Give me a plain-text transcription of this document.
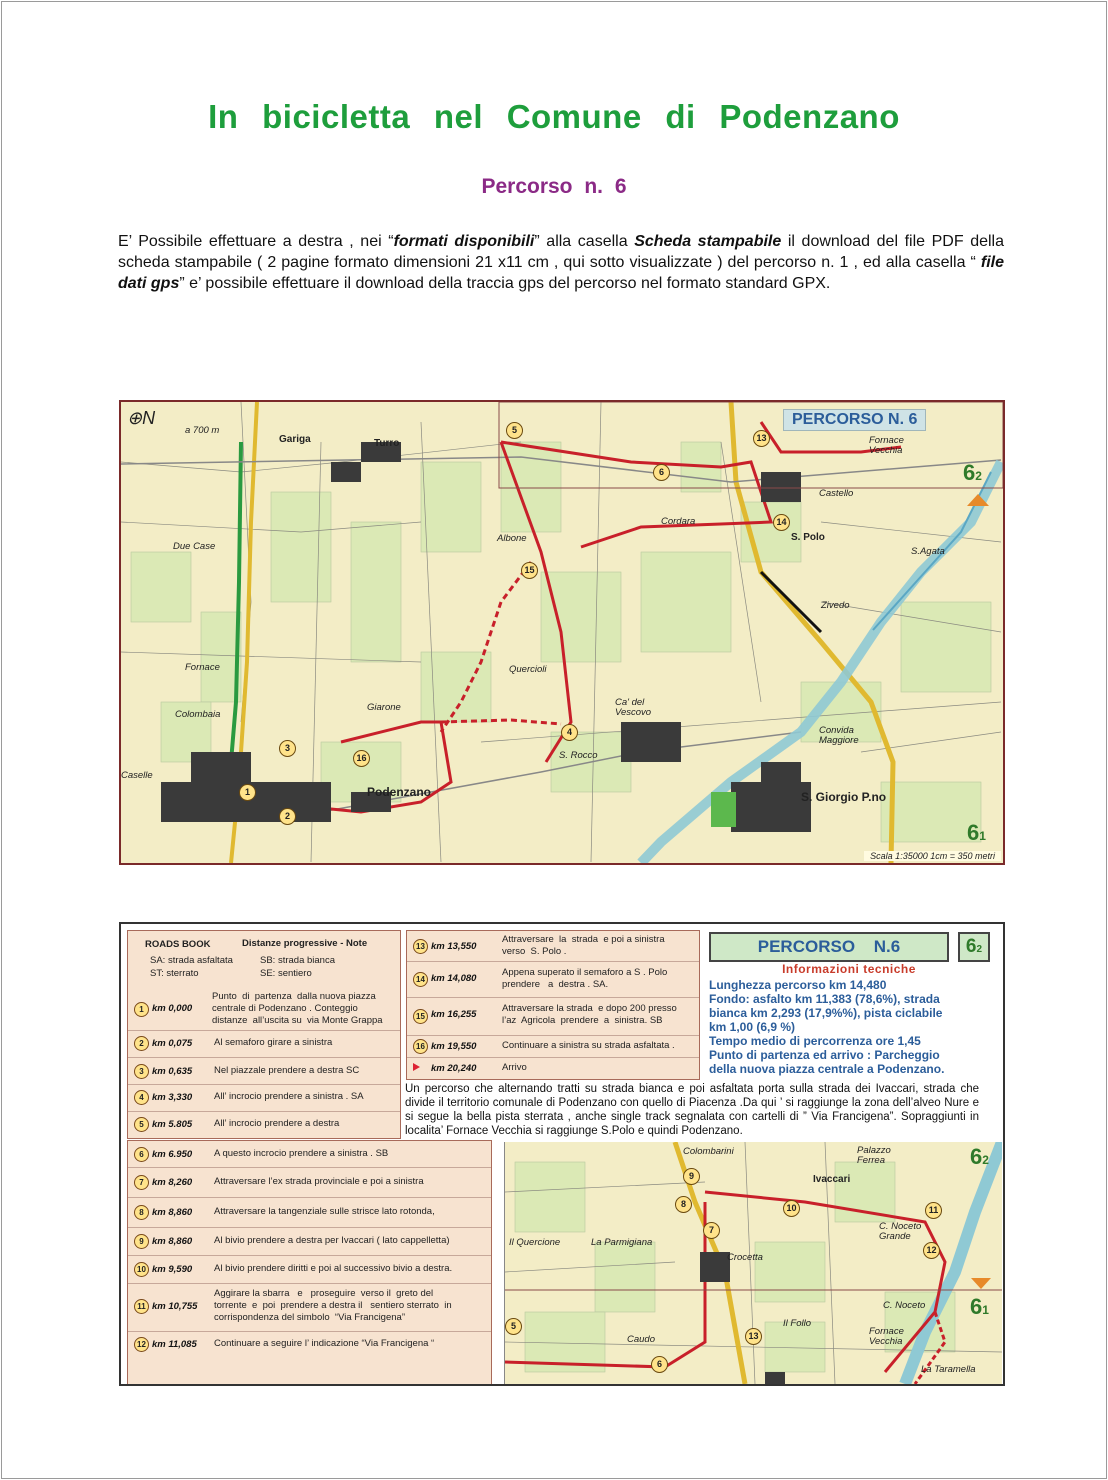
In bicicletta nel Comune di Podenzano
Percorso n. 6
E’ Possibile effettuare a destra , nei “formati disponibili” alla casella Scheda stampabile il download del file PDF della scheda stampabile ( 2 pagine formato dimensioni 21 x11 cm , qui sotto visualizzate ) del percorso n. 1 , ed alla casella “ file dati gps” e’ possibile effettuare il download della traccia gps del percorso nel formato standard GPX.
PERCORSO N. 6
62
61
⊕N
Scala 1:35000 1cm = 350 metri
a 700 m
Gariga	Turro
Due Case
Fornace
Colombaia
Caselle
Albone
Cordara
S. Polo
Castello
S.Agata
Fornace
Vecchia
Zivedo
Quercioli
Ca' del
Vescovo
Giarone
S. Rocco
Podenzano
Convida
Maggiore
S. Giorgio P.no
1
2
3
4
5
6
13
14
15
16
ROADS BOOK	Distanze progressive - Note
SA: strada asfaltata	SB: strada bianca
ST: sterrato	SE: sentiero
1 km 0,000
Punto  di  partenza  dalla nuova piazza
centrale di Podenzano . Conteggio
distanze  all’uscita su  via Monte Grappa
2 km 0,075 Al semaforo girare a sinistra
3 km 0,635 Nel piazzale prendere a destra SC
4 km 3,330 All’ incrocio prendere a sinistra . SA
5 km 5.805 All’ incrocio prendere a destra
13 km 13,550
Attraversare  la  strada  e poi a sinistra
verso  S. Polo .
14 km 14,080
Appena superato il semaforo a S . Polo
prendere   a  destra . SA.
15 km 16,255
Attraversare la strada  e dopo 200 presso
l’az  Agricola  prendere  a  sinistra. SB
16 km 19,550	Continuare a sinistra su strada asfaltata .
km 20,240	Arrivo
PERCORSO N.6	62
Informazioni tecniche
Lunghezza percorso km 14,480
Fondo: asfalto km 11,383 (78,6%), strada
bianca km 2,293 (17,9%%), pista ciclabile
km 1,00 (6,9 %)
Tempo medio di percorrenza ore 1,45
Punto di partenza ed arrivo : Parcheggio
della nuova piazza centrale a Podenzano.
Un percorso che alternando tratti su strada bianca e poi asfaltata porta sulla strada dei Ivaccari, strada che divide il territorio comunale di Podenzano con quello di Piacenza .Da qui ’ si raggiunge la zona dell’alveo Nure e si segue la bella pista sterrata , anche single track segnalata con cartelli di ” Via Francigena”. Sopraggiunti in localita’ Fornace Vecchia si raggiunge S.Polo e quindi Podenzano.
6 km 6.950 A questo incrocio prendere a sinistra . SB
7 km 8,260 Attraversare l’ex strada provinciale e poi a sinistra
8 km 8,860 Attraversare la tangenziale sulle strisce lato rotonda,
9 km 8,860 Al bivio prendere a destra per Ivaccari ( lato cappelletta)
10 km 9,590 Al bivio prendere diritti e poi al successivo bivio a destra.
11 km 10,755
Aggirare la sbarra   e   proseguire  verso il  greto del
torrente  e  poi  prendere a destra il   sentiero sterrato  in
corrispondenza del simbolo  “Via Francigena”
12 km 11,085 Continuare a seguire l’ indicazione “Via Francigena “
62
61
Colombarini	Palazzo
Ferrea
Ivaccari
C. Noceto
Grande
Il Quercione	La Parmigiana
Crocetta
C. Noceto
Il Follo
Fornace
Vecchia
Caudo
La Taramella
9
8
7
10	11
12
5
6
13
